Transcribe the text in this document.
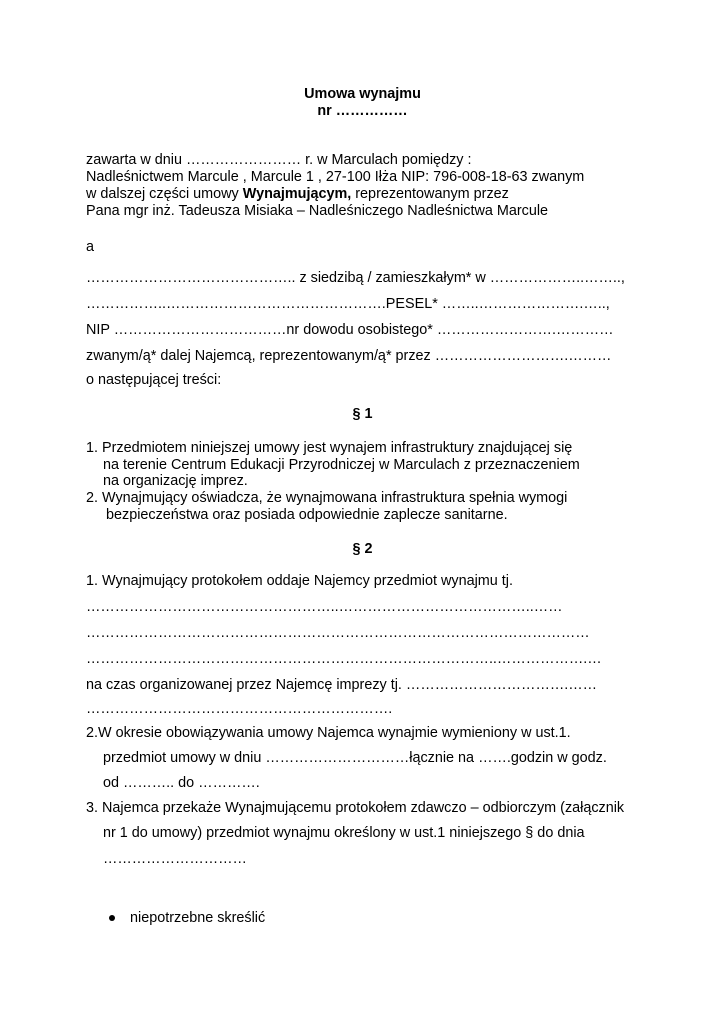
Umowa wynajmu
nr ……………
zawarta w dniu …………………… r. w Marculach pomiędzy :
Nadleśnictwem Marcule , Marcule 1 , 27-100 Iłża NIP: 796-008-18-63 zwanym
w dalszej części umowy Wynajmującym, reprezentowanym przez
Pana mgr inż. Tadeusza Misiaka – Nadleśniczego Nadleśnictwa Marcule
a
…………………………………….. z siedzibą / zamieszkałym* w ………………..……..,
……………..……………………………………….PESEL* ……..………………….…..,
NIP ………………………………nr dowodu osobistego* …………………….…………
zwanym/ą* dalej Najemcą, reprezentowanym/ą* przez ……………………….………
o następującej treści:
§ 1
1. Przedmiotem niniejszej umowy jest wynajem infrastruktury znajdującej się
na terenie Centrum Edukacji Przyrodniczej w Marculach z przeznaczeniem
na organizację imprez.
2. Wynajmujący oświadcza, że wynajmowana infrastruktura spełnia wymogi
bezpieczeństwa oraz posiada odpowiednie zaplecze sanitarne.
§ 2
1. Wynajmujący protokołem oddaje Najemcy przedmiot wynajmu tj.
……………………………………………..…………………………………..……
……………………………………………………………………………………………
…………………………………………………………………………..……………….…
na czas organizowanej przez Najemcę imprezy tj. …………………………….……
……………………………………………………….
2.W okresie obowiązywania umowy Najemca wynajmie wymieniony w ust.1.
przedmiot umowy w dniu …………………………łącznie na …….godzin w godz.
od ……….. do ………….
3. Najemca przekaże Wynajmującemu protokołem zdawczo – odbiorczym (załącznik
nr 1 do umowy) przedmiot wynajmu określony w ust.1 niniejszego § do dnia
…………………………
niepotrzebne skreślić
